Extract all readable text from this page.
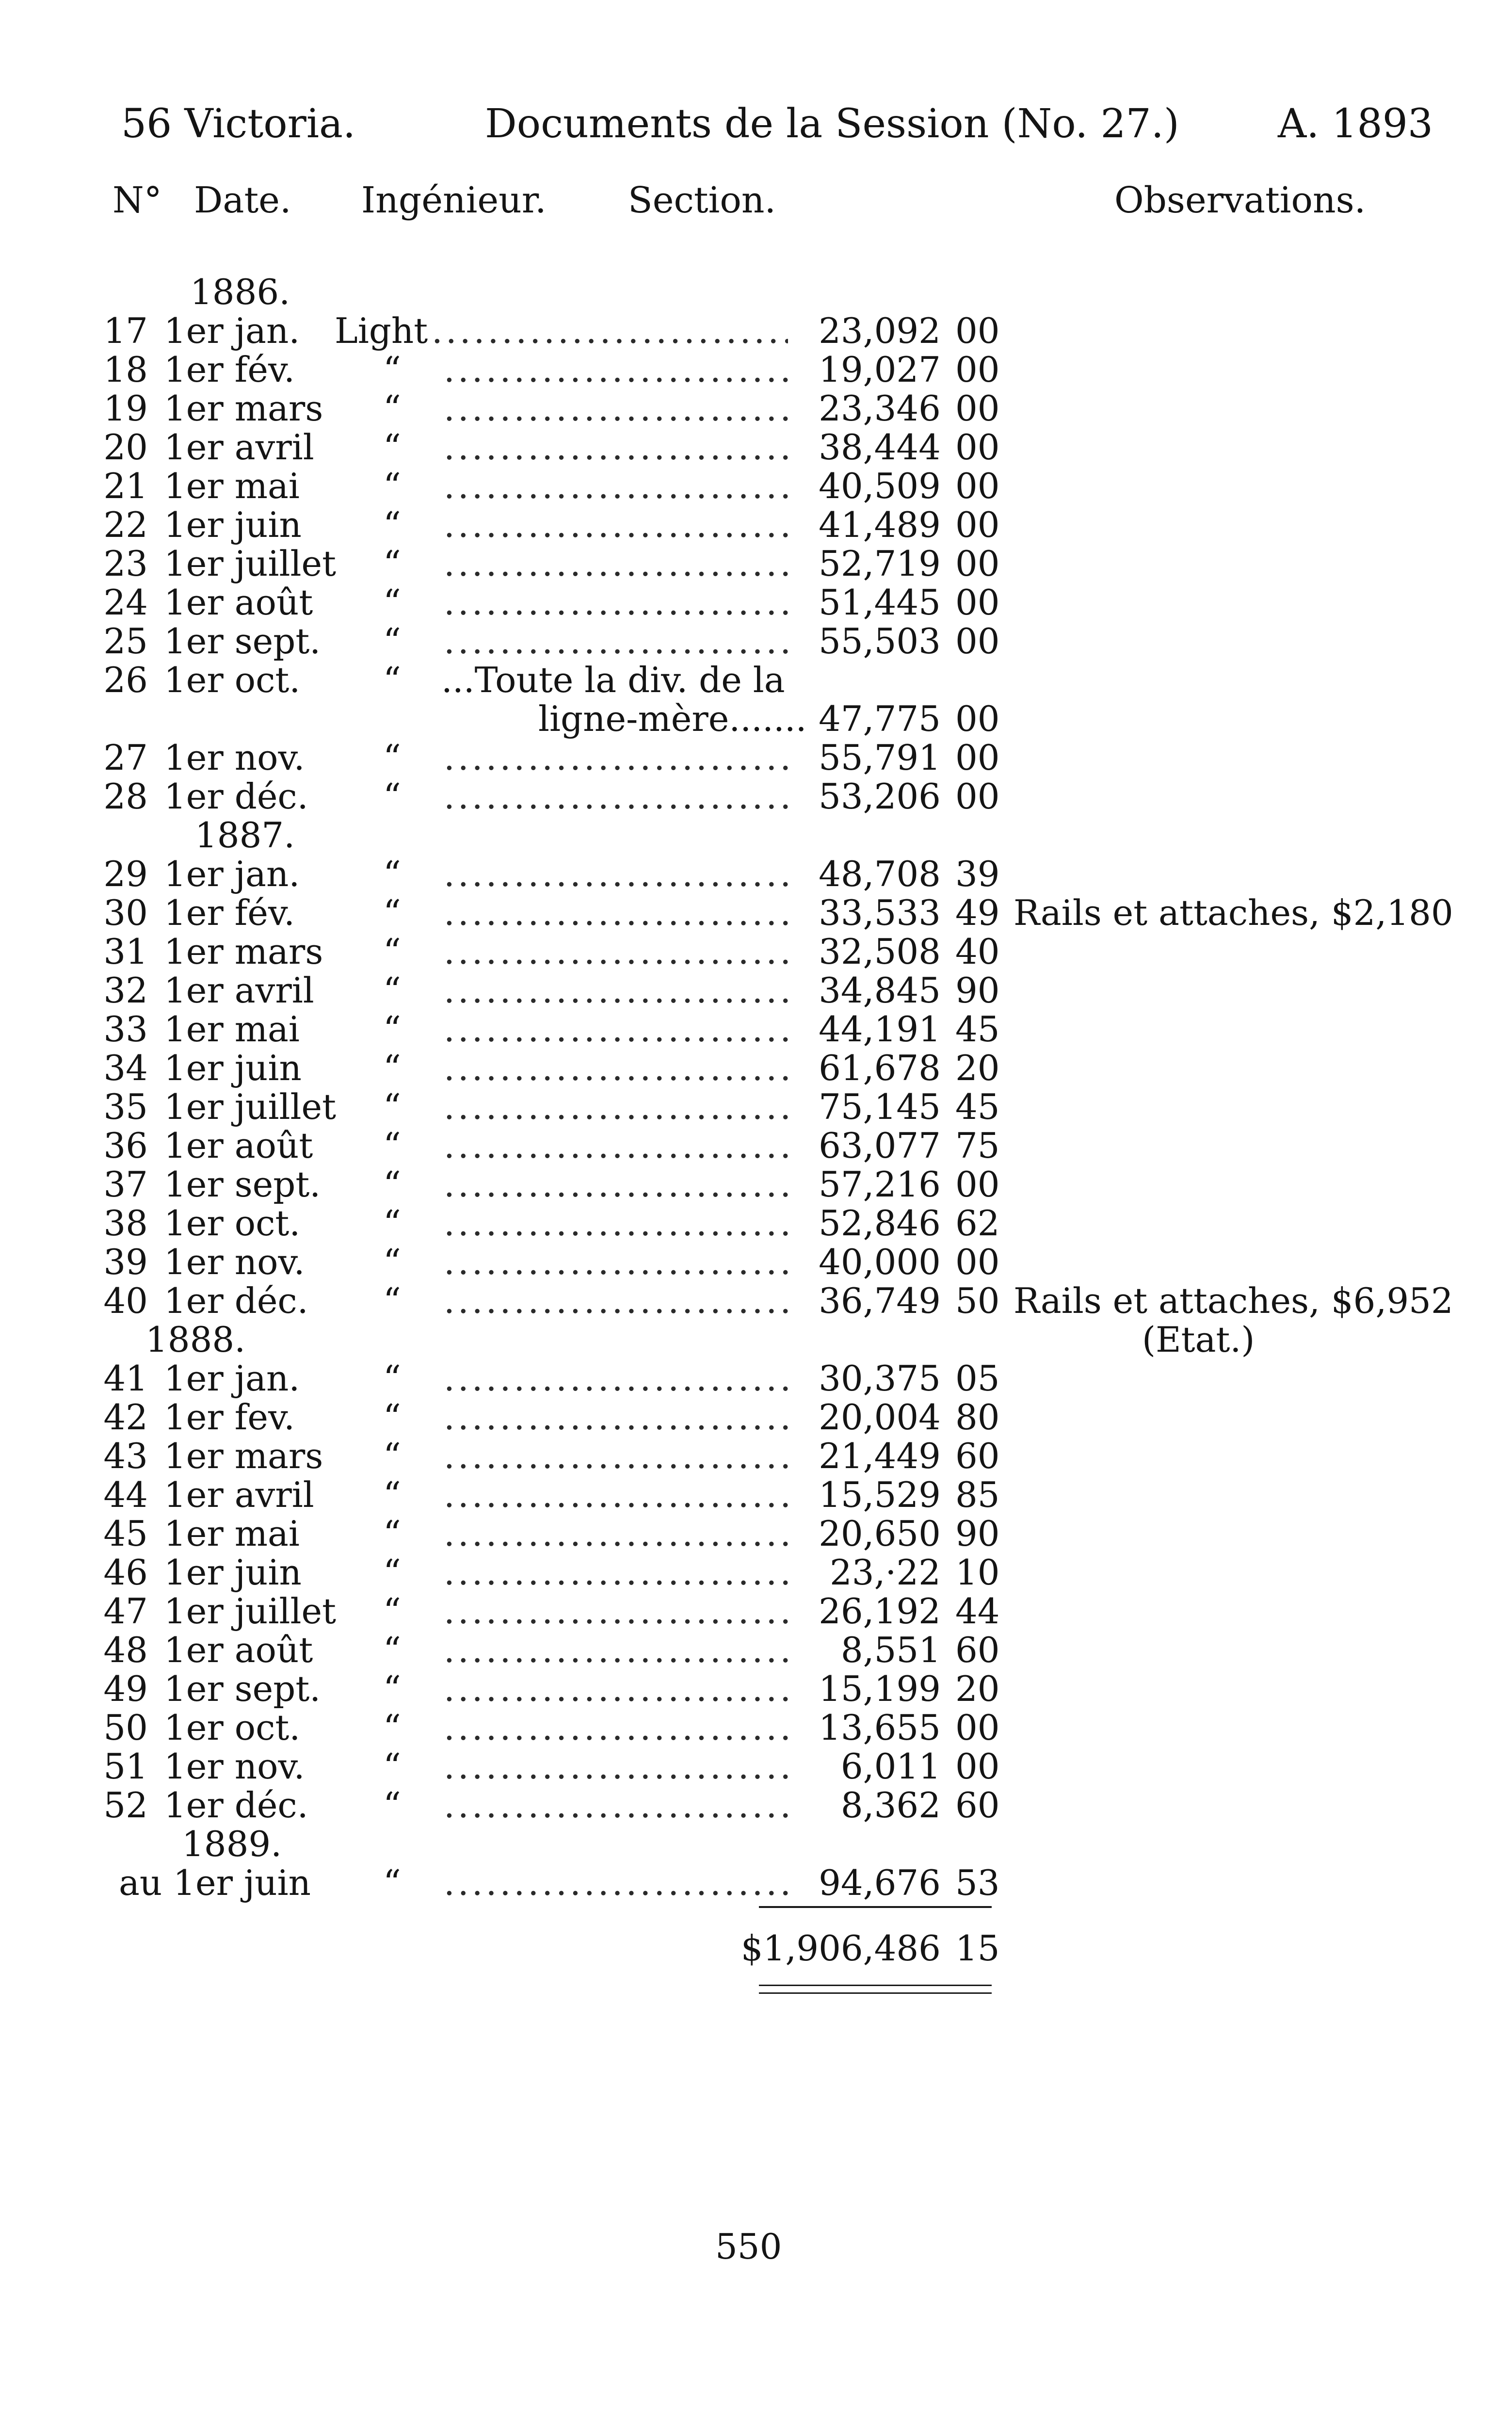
56 Victoria.	Documents de la Session (No. 27.) A. 1893
N° Date. Ingénieur. Section.	Observations.
1886.
1887.
1888.
1889.
17 1er jan. Light .....	23,092 00
18 1er fév.	“ .....	19,027 00
19 1er mars “ .....	23,346 00
20 1er avril “ .....	38,444 00
21 1er mai “ .....	40,509 00
22 1er juin “ .....	41,489 00
23 1er juillet “ .....	52,719 00
24 1er août “ .....	51,445 00
25 1er sept. “ .....	55,503 00
26 1er oct. “ ...Toute la div. de la
ligne-mère....... 47,775 00
27 1er nov. “ .....	55,791 00
28 1er déc. “ .....	53,206 00
29 1er jan. “ .....	48,708 39
30 1er fév.	“ .....	33,533 49 Rails et attaches, $2,180
31 1er mars “ .....	32,508 40
32 1er avril “ .....	34,845 90
33 1er mai “ .....	44,191 45
34 1er juin “ .....	61,678 20
35 1er juillet “ .....	75,145 45
36 1er août “ .....	63,077 75
37 1er sept. “ .....	57,216 00
38 1er oct. “ .....	52,846 62
39 1er nov. “ .....	40,000 00
40 1er déc. “ .....	36,749 50 Rails et attaches, $6,952
(Etat.)
41 1er jan. “ .....	30,375 05
42 1er fev.	“ .....	20,004 80
43 1er mars “ .....	21,449 60
44 1er avril “ .....	15,529 85
45 1er mai “ .....	20,650 90
46 1er juin “ .....	23,·22 10
47 1er juillet “ .....	26,192 44
48 1er août “ .....	8,551 60
49 1er sept. “ .....	15,199 20
50 1er oct. “ .....	13,655 00
51 1er nov. “ .....	6,011 00
52 1er déc. “ .....	8,362 60
au 1er juin “ .....	94,676 53
$1,906,486 15
550
